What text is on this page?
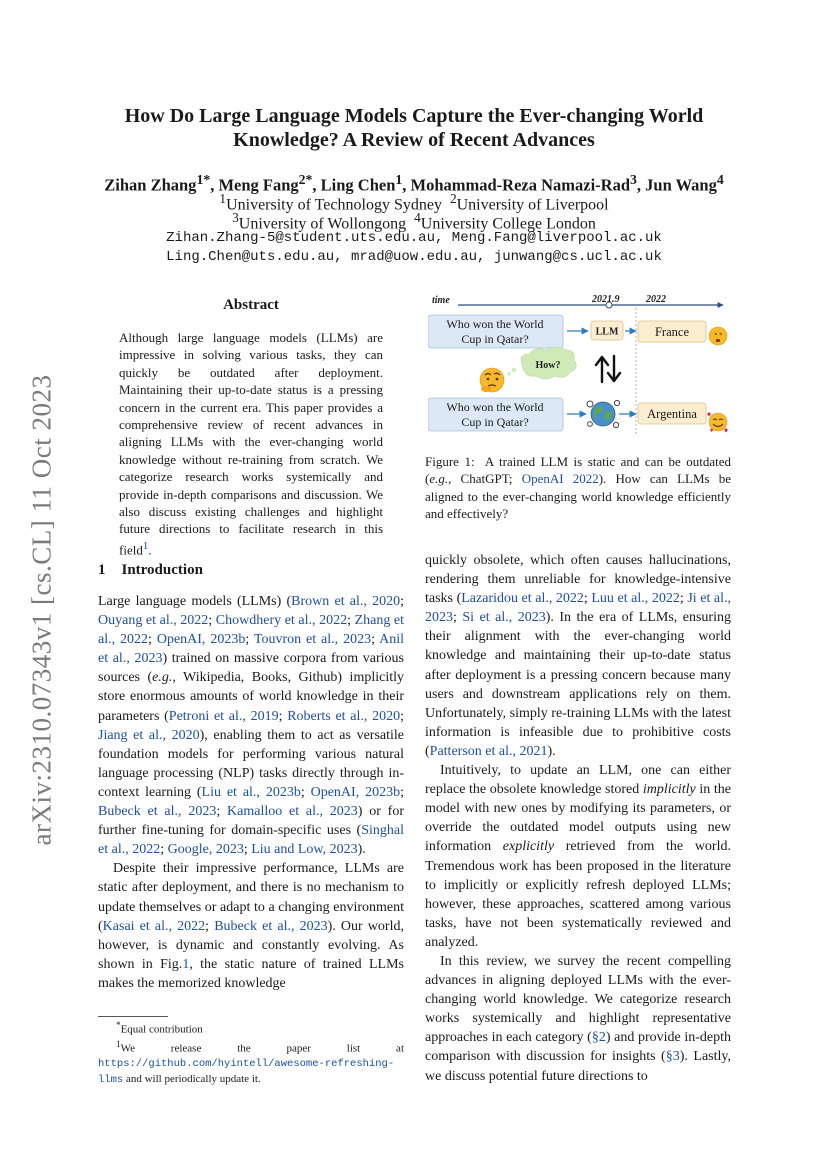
arXiv:2310.07343v1 [cs.CL] 11 Oct 2023
How Do Large Language Models Capture the Ever-changing World
Knowledge? A Review of Recent Advances
Zihan Zhang$^{1*}$, Meng Fang$^{2*}$, Ling Chen$^1$, Mohammad-Reza Namazi-Rad$^3$, Jun Wang$^4$
$^1$University of Technology Sydney $^2$University of Liverpool
$^3$University of Wollongong $^4$University College London
Zihan.Zhang-5@student.uts.edu.au, Meng.Fang@liverpool.ac.uk
Ling.Chen@uts.edu.au, mrad@uow.edu.au, junwang@cs.ucl.ac.uk
Abstract
Although large language models (LLMs) are impressive in solving various tasks, they can quickly be outdated after deployment. Maintaining their up-to-date status is a pressing concern in the current era. This paper provides a comprehensive review of recent advances in aligning LLMs with the ever-changing world knowledge without re-training from scratch. We categorize research works systemically and provide in-depth comparisons and discussion. We also discuss existing challenges and highlight future directions to facilitate research in this field$^1$.
1 Introduction

Large language models (LLMs) (Brown et al., 2020; Ouyang et al., 2022; Chowdhery et al., 2022; Zhang et al., 2022; OpenAI, 2023b; Touvron et al., 2023; Anil et al., 2023) trained on massive corpora from various sources (e.g., Wikipedia, Books, Github) implicitly store enormous amounts of world knowledge in their parameters (Petroni et al., 2019; Roberts et al., 2020; Jiang et al., 2020), enabling them to act as versatile foundation models for performing various natural language processing (NLP) tasks directly through in-context learning (Liu et al., 2023b; OpenAI, 2023b; Bubeck et al., 2023; Kamalloo et al., 2023) or for further fine-tuning for domain-specific uses (Singhal et al., 2022; Google, 2023; Liu and Low, 2023).

Despite their impressive performance, LLMs are static after deployment, and there is no mechanism to update themselves or adapt to a changing environment (Kasai et al., 2022; Bubeck et al., 2023). Our world, however, is dynamic and constantly evolving. As shown in Fig.1, the static nature of trained LLMs makes the memorized knowledge

*Equal contribution

$^1$We release the paper list at https://github.com/hyintell/awesome-refreshing-llms and will periodically update it.

time	2021.9	2022
Who won the World
Cup in Qatar?	LLM	France	× ×
How?
Who won the World
Cup in Qatar?
Argentina
Figure 1: A trained LLM is static and can be outdated (e.g., ChatGPT; OpenAI 2022). How can LLMs be aligned to the ever-changing world knowledge efficiently and effectively?

quickly obsolete, which often causes hallucinations, rendering them unreliable for knowledge-intensive tasks (Lazaridou et al., 2022; Luu et al., 2022; Ji et al., 2023; Si et al., 2023). In the era of LLMs, ensuring their alignment with the ever-changing world knowledge and maintaining their up-to-date status after deployment is a pressing concern because many users and downstream applications rely on them. Unfortunately, simply re-training LLMs with the latest information is infeasible due to prohibitive costs (Patterson et al., 2021).

Intuitively, to update an LLM, one can either replace the obsolete knowledge stored implicitly in the model with new ones by modifying its parameters, or override the outdated model outputs using new information explicitly retrieved from the world. Tremendous work has been proposed in the literature to implicitly or explicitly refresh deployed LLMs; however, these approaches, scattered among various tasks, have not been systematically reviewed and analyzed.

In this review, we survey the recent compelling advances in aligning deployed LLMs with the ever-changing world knowledge. We categorize research works systemically and highlight representative approaches in each category (§2) and provide in-depth comparison with discussion for insights (§3). Lastly, we discuss potential future directions to
